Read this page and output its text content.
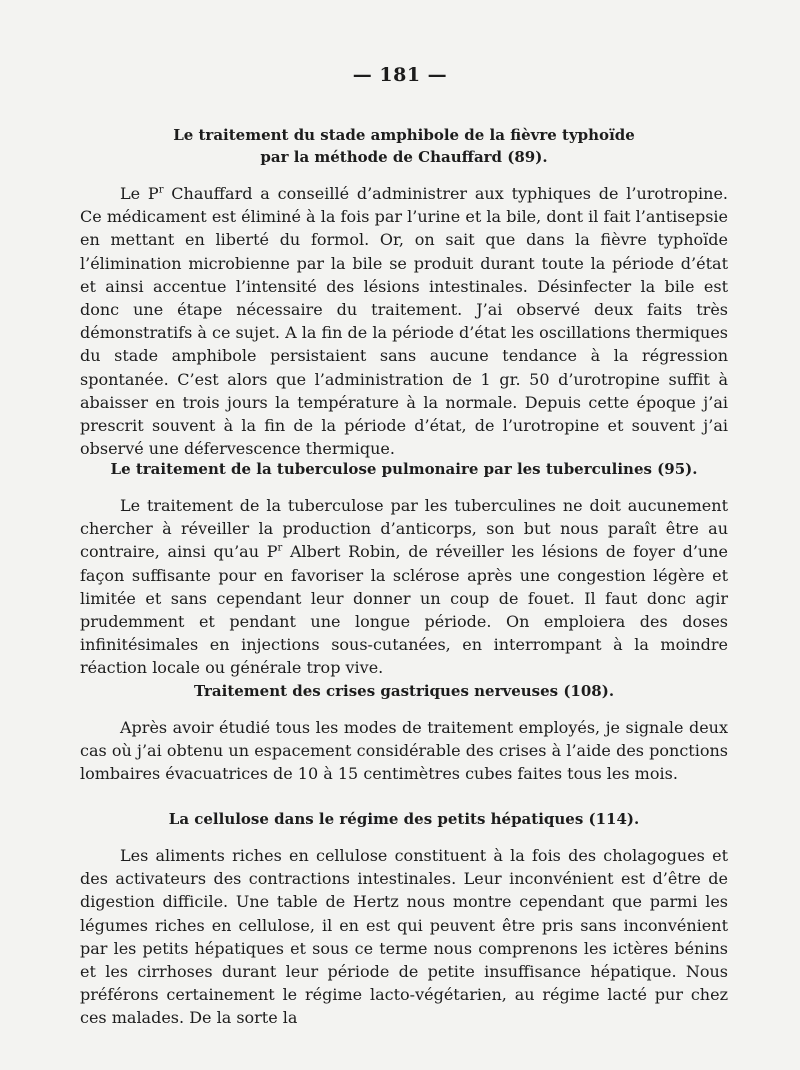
— 181 —
Le traitement du stade amphibole de la fièvre typhoïde
par la méthode de Chauffard (89).
Le $P^r$ Chauffard a conseillé d’administrer aux typhiques de l’urotropine. Ce médicament est éliminé à la fois par l’urine et la bile, dont il fait l’antisepsie en mettant en liberté du formol. Or, on sait que dans la fièvre typhoïde l’élimination microbienne par la bile se produit durant toute la période d’état et ainsi accentue l’intensité des lésions intestinales. Désinfecter la bile est donc une étape nécessaire du traitement. J’ai observé deux faits très démonstratifs à ce sujet. A la fin de la période d’état les oscillations thermiques du stade amphibole persistaient sans aucune tendance à la régression spontanée. C’est alors que l’administration de 1 gr. 50 d’urotropine suffit à abaisser en trois jours la température à la normale. Depuis cette époque j’ai prescrit souvent à la fin de la période d’état, de l’urotropine et souvent j’ai observé une défervescence thermique.
Le traitement de la tuberculose pulmonaire par les tuberculines (95).
Le traitement de la tuberculose par les tuberculines ne doit aucunement chercher à réveiller la production d’anticorps, son but nous paraît être au contraire, ainsi qu’au $P^r$ Albert Robin, de réveiller les lésions de foyer d’une façon suffisante pour en favoriser la sclérose après une congestion légère et limitée et sans cependant leur donner un coup de fouet. Il faut donc agir prudemment et pendant une longue période. On emploiera des doses infinitésimales en injections sous-cutanées, en interrompant à la moindre réaction locale ou générale trop vive.
Traitement des crises gastriques nerveuses (108).
Après avoir étudié tous les modes de traitement employés, je signale deux cas où j’ai obtenu un espacement considérable des crises à l’aide des ponctions lombaires évacuatrices de 10 à 15 centimètres cubes faites tous les mois.
La cellulose dans le régime des petits hépatiques (114).
Les aliments riches en cellulose constituent à la fois des cholagogues et des activateurs des contractions intestinales. Leur inconvénient est d’être de digestion difficile. Une table de Hertz nous montre cependant que parmi les légumes riches en cellulose, il en est qui peuvent être pris sans inconvénient par les petits hépatiques et sous ce terme nous comprenons les ictères bénins et les cirrhoses durant leur période de petite insuffisance hépatique. Nous préférons certainement le régime lacto-végétarien, au régime lacté pur chez ces malades. De la sorte la
